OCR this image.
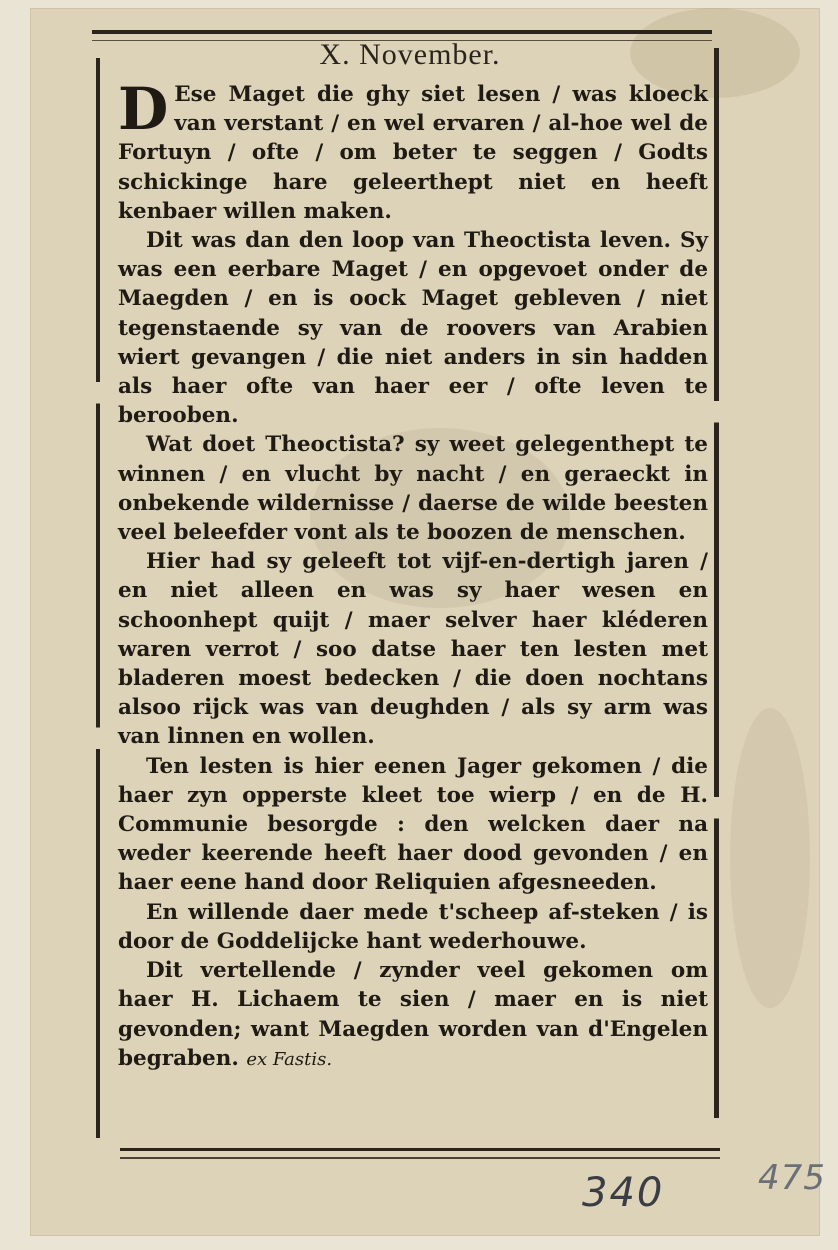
X. November.

D Ese Maget die ghy siet lesen / was kloeck van verstant / en wel ervaren / al-hoe wel de Fortuyn / ofte / om beter te seggen / Godts schickinge hare geleerthept niet en heeft kenbaer willen maken.

Dit was dan den loop van Theoctista leven. Sy was een eerbare Maget / en opgevoet onder de Maegden / en is oock Maget gebleven / niet tegenstaende sy van de roovers van Arabien wiert gevangen / die niet anders in sin hadden als haer ofte van haer eer / ofte leven te berooben.

Wat doet Theoctista? sy weet gelegenthept te winnen / en vlucht by nacht / en geraeckt in onbekende wildernisse / daerse de wilde beesten veel beleefder vont als te boozen de menschen.

Hier had sy geleeft tot vijf-en-dertigh jaren / en niet alleen en was sy haer wesen en schoonhept quijt / maer selver haer kléderen waren verrot / soo datse haer ten lesten met bladeren moest bedecken / die doen nochtans alsoo rijck was van deughden / als sy arm was van linnen en wollen.

Ten lesten is hier eenen Jager gekomen / die haer zyn opperste kleet toe wierp / en de H. Communie besorgde : den welcken daer na weder keerende heeft haer dood gevonden / en haer eene hand door Reliquien afgesneeden.

En willende daer mede t'scheep af-steken / is door de Goddelijcke hant wederhouwe.

Dit vertellende / zynder veel gekomen om haer H. Lichaem te sien / maer en is niet gevonden; want Maegden worden van d'Engelen begraben. ex Fastis.

340	475
